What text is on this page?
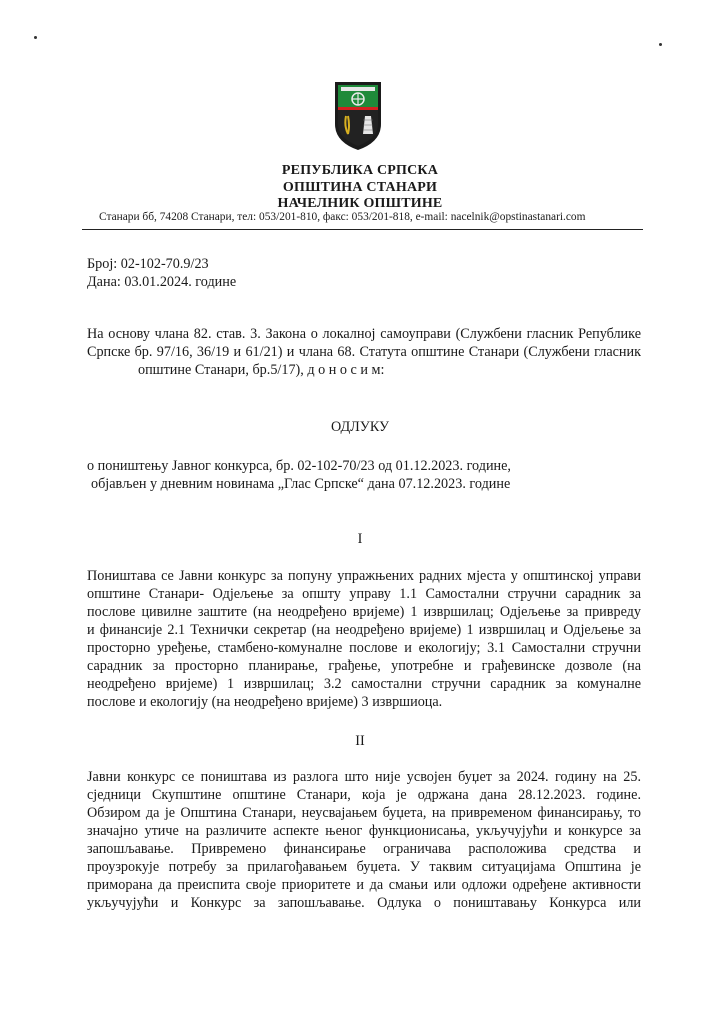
РЕПУБЛИКА СРПСКА
ОПШТИНА СТАНАРИ
НАЧЕЛНИК ОПШТИНЕ
Станари бб, 74208 Станари, тел: 053/201-810, факс: 053/201-818, e-mail: nacelnik@opstinastanari.com
Број: 02-102-70.9/23
Дана: 03.01.2024. године
На основу члана 82. став. 3. Закона о локалној самоуправи (Службени гласник Републике
Српске бр. 97/16, 36/19 и 61/21) и члана 68. Статута општине Станари (Службени гласник
општине Станари, бр.5/17), д о н о с и м:
ОДЛУКУ
о поништењу Јавног конкурса, бр. 02-102-70/23 од 01.12.2023. године,
објављен у дневним новинама „Глас Српске“ дана 07.12.2023. године
I
Поништава се Јавни конкурс за попуну упражњених радних мјеста у општинској управи
општине Станари- Одјељење за општу управу 1.1 Самостални стручни сарадник за
послове цивилне заштите (на неодређено вријеме) 1 извршилац; Одјељење за привреду
и финансије 2.1 Технички секретар (на неодређено вријеме) 1 извршилац и Одјељење за
просторно уређење, стамбено-комуналне послове и екологију; 3.1 Самостални стручни
сарадник за просторно планирање, грађење, употребне и грађевинске дозволе (на
неодређено вријеме) 1 извршилац; 3.2 самостални стручни сарадник за комуналне
послове и екологију (на неодређено вријеме) 3 извршиоца.
II
Јавни конкурс се поништава из разлога што није усвојен буџет за 2024. годину на 25.
сједници Скупштине општине Станари, која је одржана дана 28.12.2023. године.
Обзиром да је Општина Станари, неусвајањем буџета, на привременом финансирању, то
значајно утиче на различите аспекте њеног функционисања, укључујући и конкурсе за
запошљавање. Привремено финансирање ограничава расположива средства и
проузрокује потребу за прилагођавањем буџета. У таквим ситуацијама Општина је
приморана да преиспита своје приоритете и да смањи или одложи одређене активности
укључујући и Конкурс за запошљавање. Одлука о поништавању Конкурса или
